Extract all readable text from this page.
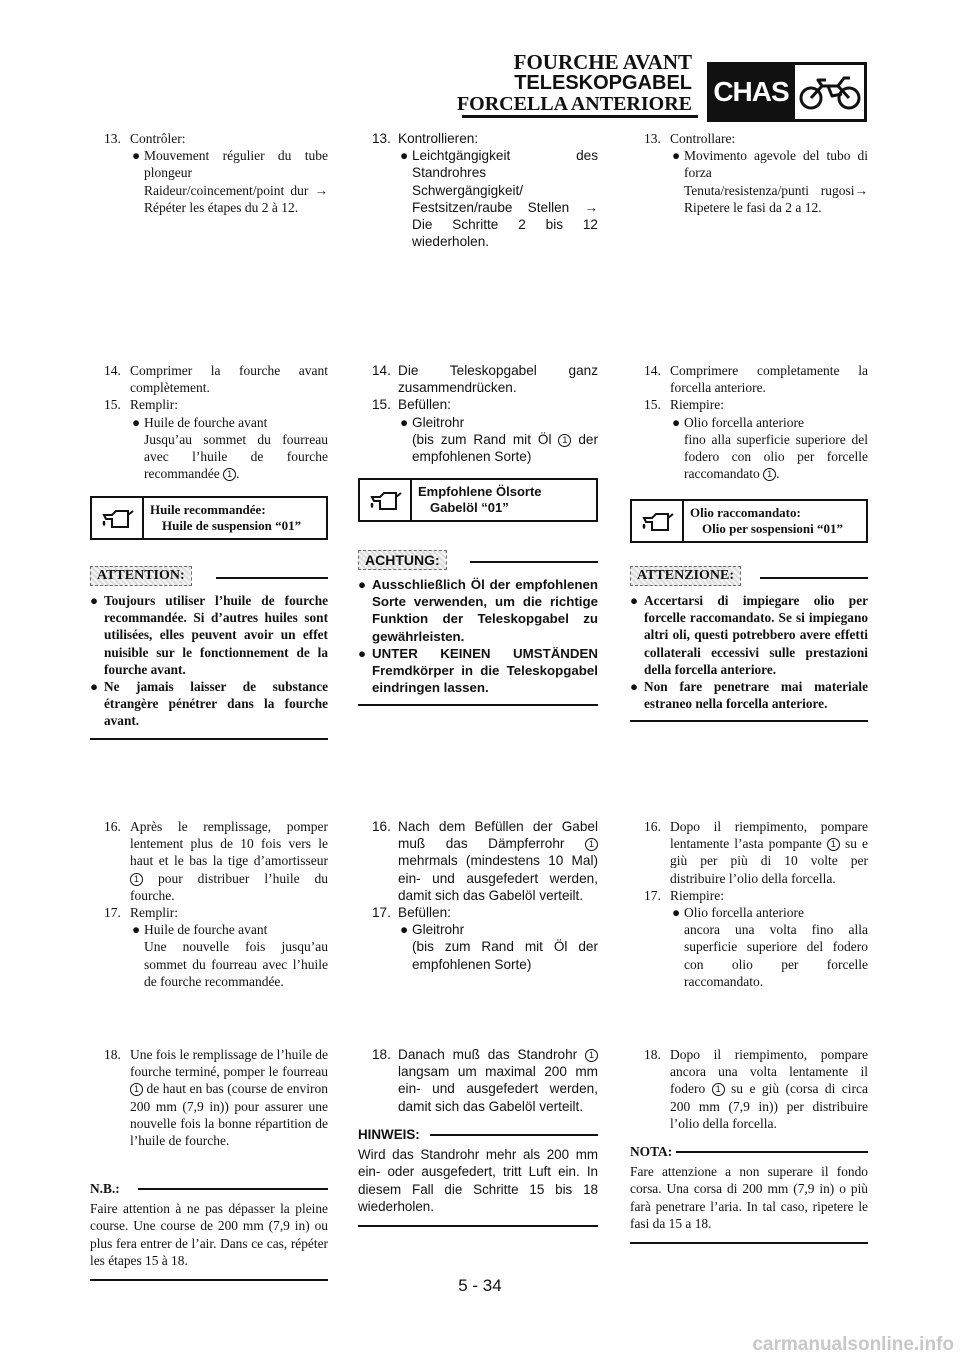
FOURCHE AVANT
TELESKOPGABEL
FORCELLA ANTERIORE CHAS
13. Contrôler:
● Mouvement régulier du tube plongeur
Raideur/coincement/point dur → Répéter les étapes du 2 à 12.
14. Comprimer la fourche avant complètement.
15. Remplir:
● Huile de fourche avant
Jusqu’au sommet du fourreau avec l’huile de fourche recommandée 1 .
Huile recommandée:
Huile de suspension “01”
ATTENTION:
● Toujours utiliser l’huile de fourche recommandée. Si d’autres huiles sont utilisées, elles peuvent avoir un effet nuisible sur le fonctionnement de la fourche avant.
● Ne jamais laisser de substance étrangère pénétrer dans la fourche avant.
16. Après le remplissage, pomper lentement plus de 10 fois vers le haut et le bas la tige d’amortisseur 1 pour distribuer l’huile du fourche.
17. Remplir:
● Huile de fourche avant
Une nouvelle fois jusqu’au sommet du fourreau avec l’huile de fourche recommandée.
18. Une fois le remplissage de l’huile de fourche terminé, pomper le fourreau 1 de haut en bas (course de environ 200 mm (7,9 in)) pour assurer une nouvelle fois la bonne répartition de l’huile de fourche.
N.B.:
Faire attention à ne pas dépasser la pleine course. Une course de 200 mm (7,9 in) ou plus fera entrer de l’air. Dans ce cas, répéter les étapes 15 à 18.
13. Kontrollieren:
● Leichtgängigkeit des Standrohres Schwergängigkeit/ Festsitzen/raube Stellen → Die Schritte 2 bis 12 wiederholen.
14. Die Teleskopgabel ganz zusammendrücken.
15. Befüllen:
● Gleitrohr
(bis zum Rand mit Öl 1 der empfohlenen Sorte)
Empfohlene Ölsorte
Gabelöl “01”
ACHTUNG:
● Ausschließlich Öl der empfohlenen Sorte verwenden, um die richtige Funktion der Teleskopgabel zu gewährleisten.
● UNTER KEINEN UMSTÄNDEN Fremdkörper in die Teleskopgabel eindringen lassen.
16. Nach dem Befüllen der Gabel muß das Dämpferrohr	1 mehrmals (mindestens 10 Mal) ein- und ausgefedert werden, damit sich das Gabelöl verteilt.
17. Befüllen:
● Gleitrohr
(bis zum Rand mit Öl der empfohlenen Sorte)
18. Danach muß das Standrohr 1 langsam um maximal 200 mm ein- und ausgefedert werden, damit sich das Gabelöl verteilt.
HINWEIS:
Wird das Standrohr mehr als 200 mm ein- oder ausgefedert, tritt Luft ein. In diesem Fall die Schritte 15 bis 18 wiederholen.
13. Controllare:
● Movimento agevole del tubo di forza
Tenuta/resistenza/punti rugosi→ Ripetere le fasi da 2 a 12.
14. Comprimere completamente la forcella anteriore.
15. Riempire:
● Olio forcella anteriore
fino alla superficie superiore del fodero con olio per forcelle raccomandato 1 .
Olio raccomandato:
Olio per sospensioni “01”
ATTENZIONE:
● Accertarsi di impiegare olio per forcelle raccomandato. Se si impiegano altri oli, questi potrebbero avere effetti collaterali eccessivi sulle prestazioni della forcella anteriore.
● Non fare penetrare mai materiale estraneo nella forcella anteriore.
16. Dopo il riempimento, pompare lentamente l’asta pompante 1 su e giù per più di 10 volte per distribuire l’olio della forcella.
17. Riempire:
● Olio forcella anteriore
ancora una volta fino alla superficie superiore del fodero con olio per forcelle raccomandato.
18. Dopo il riempimento, pompare ancora una volta lentamente il fodero 1 su e giù (corsa di circa 200 mm (7,9 in)) per distribuire l’olio della forcella.
NOTA:
Fare attenzione a non superare il fondo corsa. Una corsa di 200 mm (7,9 in) o più farà penetrare l’aria. In tal caso, ripetere le fasi da 15 a 18.
5 - 34
carmanualsonline.info
